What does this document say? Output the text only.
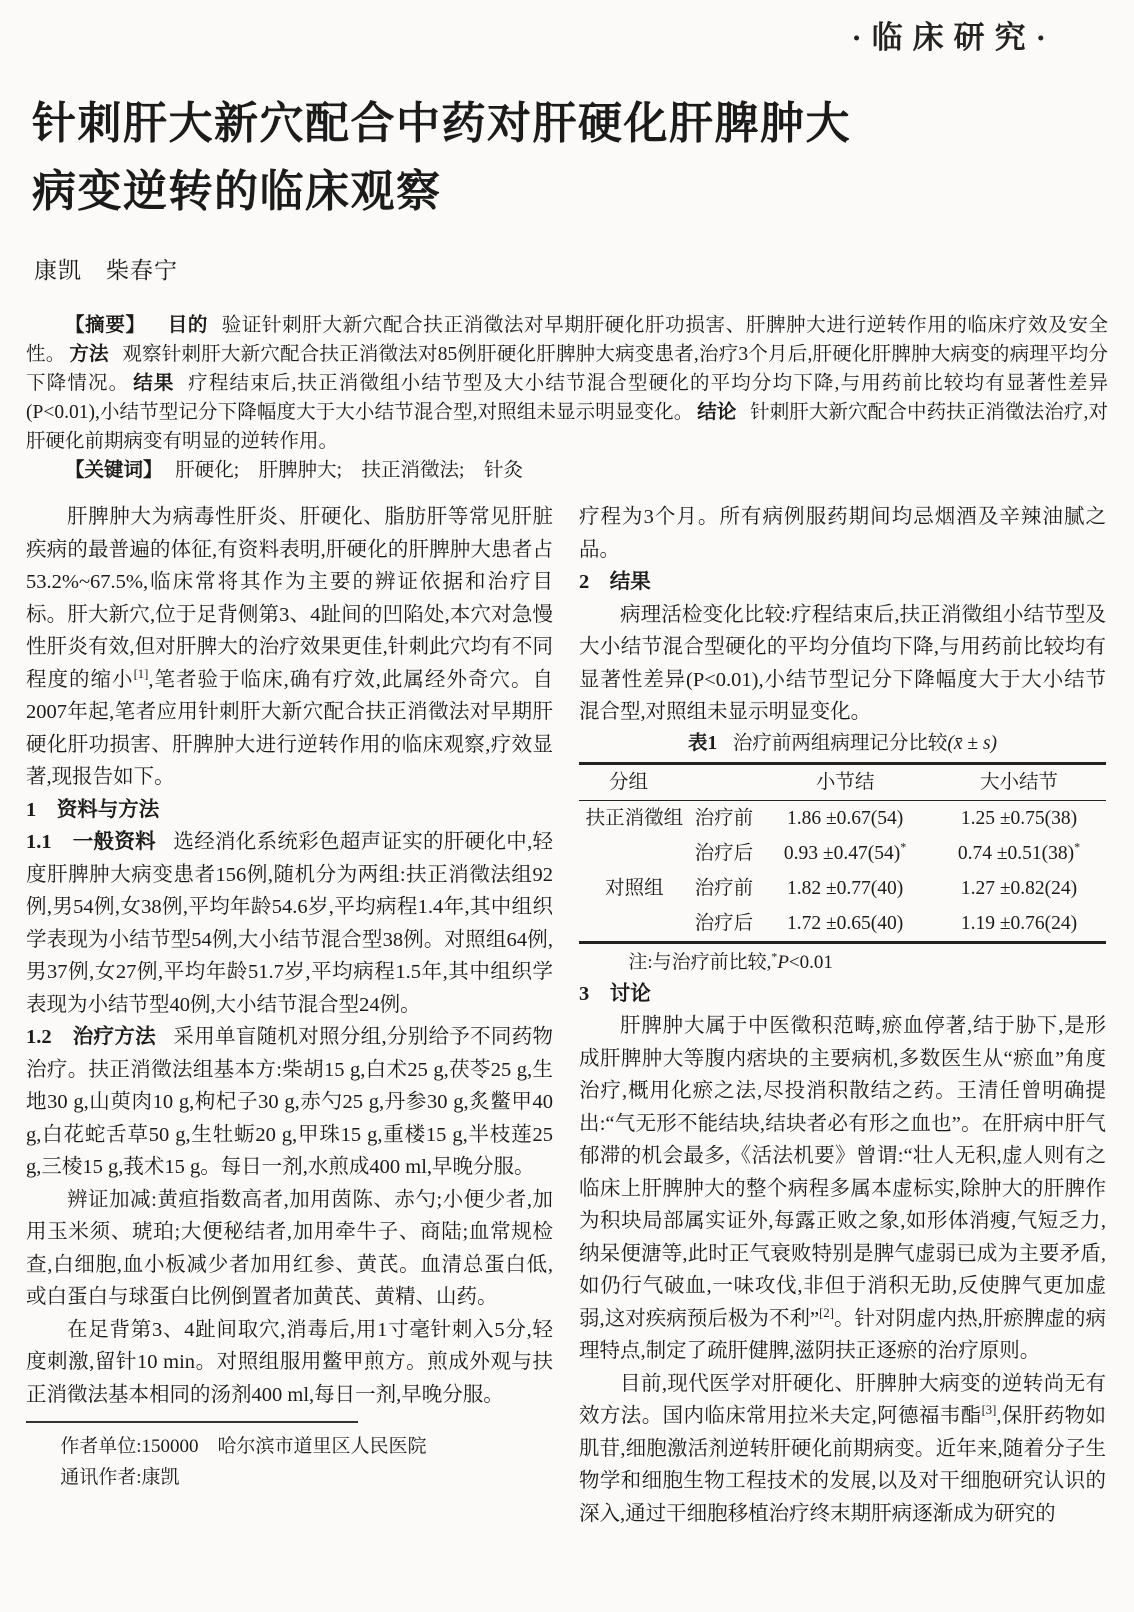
·临床研究·
针刺肝大新穴配合中药对肝硬化肝脾肿大
病变逆转的临床观察
康凯　柴春宁

【摘要】 目的 验证针刺肝大新穴配合扶正消徵法对早期肝硬化肝功损害、肝脾肿大进行逆转作用的临床疗效及安全性。 方法 观察针刺肝大新穴配合扶正消徵法对85例肝硬化肝脾肿大病变患者,治疗3个月后,肝硬化肝脾肿大病变的病理平均分下降情况。 结果 疗程结束后,扶正消徵组小结节型及大小结节混合型硬化的平均分均下降,与用药前比较均有显著性差异(P<0.01),小结节型记分下降幅度大于大小结节混合型,对照组未显示明显变化。 结论 针刺肝大新穴配合中药扶正消徵法治疗,对肝硬化前期病变有明显的逆转作用。

【关键词】 肝硬化;　肝脾肿大;　扶正消徵法;　针灸

肝脾肿大为病毒性肝炎、肝硬化、脂肪肝等常见肝脏疾病的最普遍的体征,有资料表明,肝硬化的肝脾肿大患者占53.2%~67.5%,临床常将其作为主要的辨证依据和治疗目标。肝大新穴,位于足背侧第3、4趾间的凹陷处,本穴对急慢性肝炎有效,但对肝脾大的治疗效果更佳,针刺此穴均有不同程度的缩小[1],笔者验于临床,确有疗效,此属经外奇穴。自2007年起,笔者应用针刺肝大新穴配合扶正消徵法对早期肝硬化肝功损害、肝脾肿大进行逆转作用的临床观察,疗效显著,现报告如下。

1　资料与方法

1.1　一般资料 选经消化系统彩色超声证实的肝硬化中,轻度肝脾肿大病变患者156例,随机分为两组:扶正消徵法组92例,男54例,女38例,平均年龄54.6岁,平均病程1.4年,其中组织学表现为小结节型54例,大小结节混合型38例。对照组64例,男37例,女27例,平均年龄51.7岁,平均病程1.5年,其中组织学表现为小结节型40例,大小结节混合型24例。

1.2　治疗方法 采用单盲随机对照分组,分别给予不同药物治疗。扶正消徵法组基本方:柴胡15 g,白术25 g,茯苓25 g,生地30 g,山萸肉10 g,枸杞子30 g,赤勺25 g,丹参30 g,炙鳖甲40 g,白花蛇舌草50 g,生牡蛎20 g,甲珠15 g,重楼15 g,半枝莲25 g,三棱15 g,莪术15 g。每日一剂,水煎成400 ml,早晚分服。

辨证加减:黄疸指数高者,加用茵陈、赤勺;小便少者,加用玉米须、琥珀;大便秘结者,加用牵牛子、商陆;血常规检查,白细胞,血小板减少者加用红参、黄芪。血清总蛋白低,或白蛋白与球蛋白比例倒置者加黄芪、黄精、山药。

在足背第3、4趾间取穴,消毒后,用1寸毫针刺入5分,轻度刺激,留针10 min。对照组服用鳖甲煎方。煎成外观与扶正消徵法基本相同的汤剂400 ml,每日一剂,早晚分服。

作者单位:150000　哈尔滨市道里区人民医院

通讯作者:康凯

疗程为3个月。所有病例服药期间均忌烟酒及辛辣油腻之品。

2　结果

病理活检变化比较:疗程结束后,扶正消徵组小结节型及大小结节混合型硬化的平均分值均下降,与用药前比较均有显著性差异(P<0.01),小结节型记分下降幅度大于大小结节混合型,对照组未显示明显变化。

表1 治疗前两组病理记分比较(x̄ ± s)

分组		小节结	大小结节
扶正消徵组	治疗前	1.86 ±0.67(54)	1.25 ±0.75(38)
	治疗后	0.93 ±0.47(54)*	0.74 ±0.51(38)*
对照组	治疗前	1.82 ±0.77(40)	1.27 ±0.82(24)
	治疗后	1.72 ±0.65(40)	1.19 ±0.76(24)

注:与治疗前比较,*P<0.01

3　讨论

肝脾肿大属于中医徵积范畴,瘀血停著,结于胁下,是形成肝脾肿大等腹内痞块的主要病机,多数医生从“瘀血”角度治疗,概用化瘀之法,尽投消积散结之药。王清任曾明确提出:“气无形不能结块,结块者必有形之血也”。在肝病中肝气郁滞的机会最多,《活法机要》曾谓:“壮人无积,虚人则有之临床上肝脾肿大的整个病程多属本虚标实,除肿大的肝脾作为积块局部属实证外,每露正败之象,如形体消瘦,气短乏力,纳呆便溏等,此时正气衰败特别是脾气虚弱已成为主要矛盾,如仍行气破血,一味攻伐,非但于消积无助,反使脾气更加虚弱,这对疾病预后极为不利”[2]。针对阴虚内热,肝瘀脾虚的病理特点,制定了疏肝健脾,滋阴扶正逐瘀的治疗原则。

目前,现代医学对肝硬化、肝脾肿大病变的逆转尚无有效方法。国内临床常用拉米夫定,阿德福韦酯[3],保肝药物如肌苷,细胞激活剂逆转肝硬化前期病变。近年来,随着分子生物学和细胞生物工程技术的发展,以及对干细胞研究认识的深入,通过干细胞移植治疗终末期肝病逐渐成为研究的
